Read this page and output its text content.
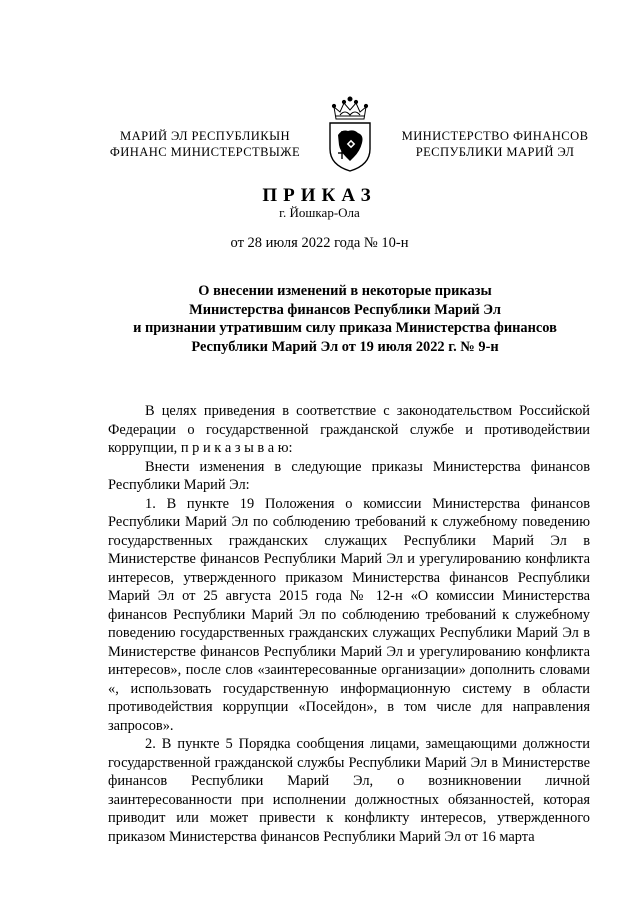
МАРИЙ ЭЛ РЕСПУБЛИКЫН
ФИНАНС МИНИСТЕРСТВЫЖЕ
МИНИСТЕРСТВО ФИНАНСОВ
РЕСПУБЛИКИ МАРИЙ ЭЛ
ПРИКАЗ
г. Йошкар-Ола
от 28 июля 2022 года № 10-н
О внесении изменений в некоторые приказы
Министерства финансов Республики Марий Эл
и признании утратившим силу приказа Министерства финансов
Республики Марий Эл от 19 июля 2022 г. № 9-н

В целях приведения в соответствие с законодательством Российской Федерации о государственной гражданской службе и противодействии коррупции, п р и к а з ы в а ю:

Внести изменения в следующие приказы Министерства финансов Республики Марий Эл:

1. В пункте 19 Положения о комиссии Министерства финансов Республики Марий Эл по соблюдению требований к служебному поведению государственных гражданских служащих Республики Марий Эл в Министерстве финансов Республики Марий Эл и урегулированию конфликта интересов, утвержденного приказом Министерства финансов Республики Марий Эл от 25 августа 2015 года № 12-н «О комиссии Министерства финансов Республики Марий Эл по соблюдению требований к служебному поведению государственных гражданских служащих Республики Марий Эл в Министерстве финансов Республики Марий Эл и урегулированию конфликта интересов», после слов «заинтересованные организации» дополнить словами «, использовать государственную информационную систему в области противодействия коррупции «Посейдон», в том числе для направления запросов».

2. В пункте 5 Порядка сообщения лицами, замещающими должности государственной гражданской службы Республики Марий Эл в Министерстве финансов Республики Марий Эл, о возникновении личной заинтересованности при исполнении должностных обязанностей, которая приводит или может привести к конфликту интересов, утвержденного приказом Министерства финансов Республики Марий Эл от 16 марта
